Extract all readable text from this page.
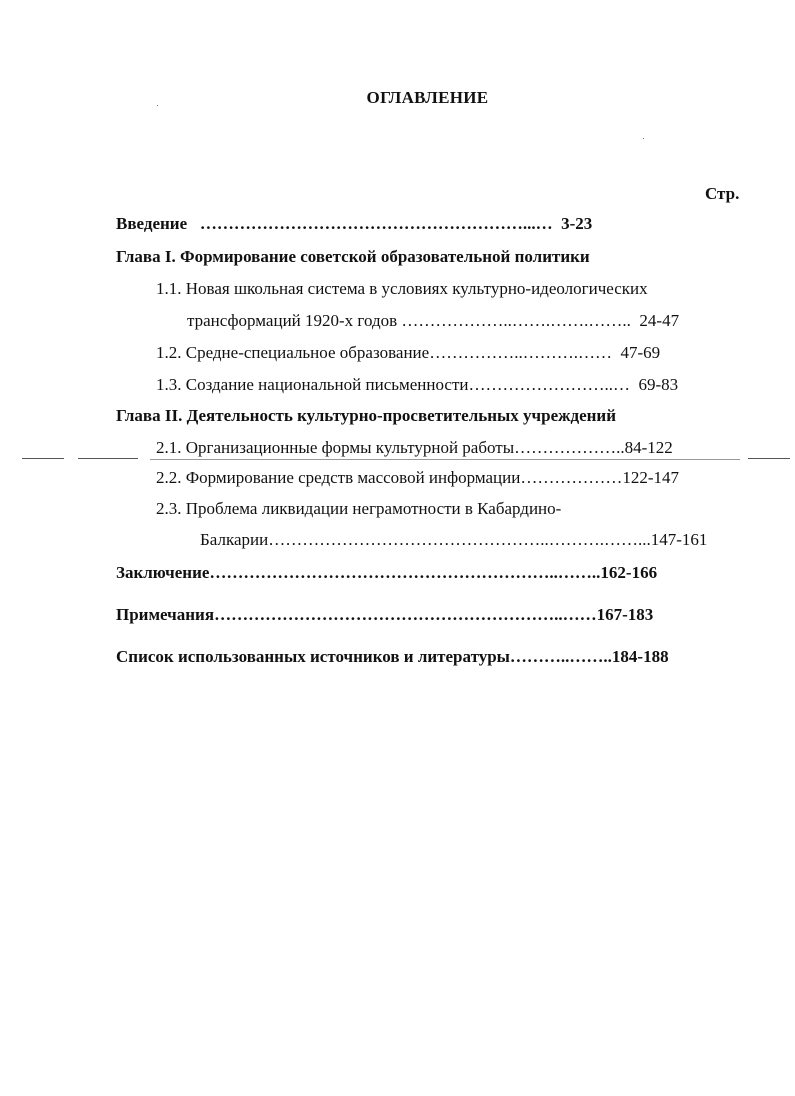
ОГЛАВЛЕНИЕ
Стр.
Введение …………………………………………………...… 3-23
Глава I. Формирование советской образовательной политики
1.1. Новая школьная система в условиях культурно-идеологических
трансформаций 1920-х годов ………………..…….…….…….. 24-47
1.2. Средне-специальное образование……………..……….…… 47-69
1.3. Создание национальной письменности……………………..… 69-83
Глава II. Деятельность культурно-просветительных учреждений
2.1. Организационные формы культурной работы………………..84-122
2.2. Формирование средств массовой информации………………122-147
2.3. Проблема ликвидации неграмотности в Кабардино-
Балкарии…………………………………………..……….……...147-161
Заключение……………………………………………………..……..162-166
Примечания……………………………………………………..……167-183
Список использованных источников и литературы………..……..184-188
